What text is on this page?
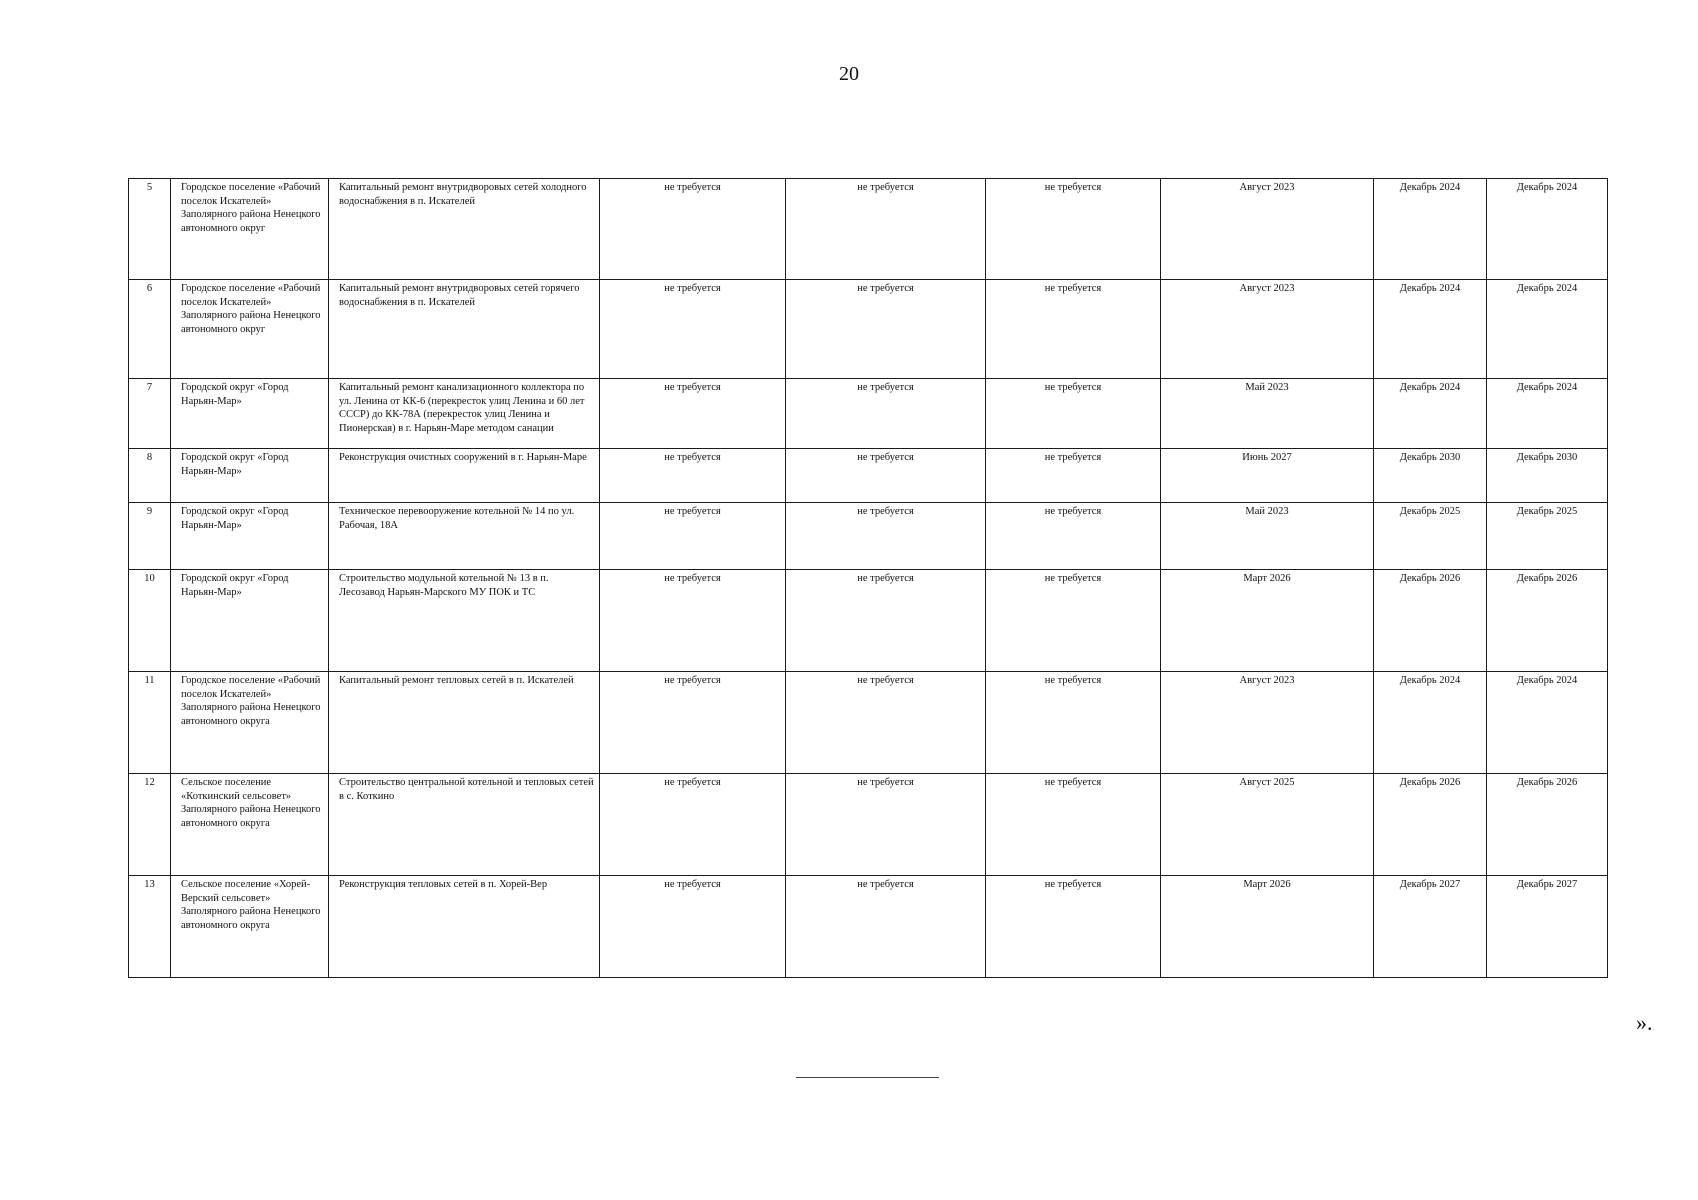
20
5	Городское поселение «Рабочий поселок Искателей» Заполярного района Ненецкого автономного округ	Капитальный ремонт внутридворовых сетей холодного водоснабжения в п. Искателей	не требуется	не требуется	не требуется	Август 2023	Декабрь 2024	Декабрь 2024
6	Городское поселение «Рабочий поселок Искателей» Заполярного района Ненецкого автономного округ	Капитальный ремонт внутридворовых сетей горячего водоснабжения в п. Искателей	не требуется	не требуется	не требуется	Август 2023	Декабрь 2024	Декабрь 2024
7	Городской округ «Город Нарьян-Мар»	Капитальный ремонт канализационного коллектора по ул. Ленина от КК-6 (перекресток улиц Ленина и 60 лет СССР) до КК-78А (перекресток улиц Ленина и Пионерская) в г. Нарьян-Маре методом санации	не требуется	не требуется	не требуется	Май 2023	Декабрь 2024	Декабрь 2024
8	Городской округ «Город Нарьян-Мар»	Реконструкция очистных сооружений в г. Нарьян-Маре	не требуется	не требуется	не требуется	Июнь 2027	Декабрь 2030	Декабрь 2030
9	Городской округ «Город Нарьян-Мар»	Техническое перевооружение котельной № 14 по ул. Рабочая, 18А	не требуется	не требуется	не требуется	Май 2023	Декабрь 2025	Декабрь 2025
10	Городской округ «Город Нарьян-Мар»	Строительство модульной котельной № 13 в п. Лесозавод Нарьян-Марского МУ ПОК и ТС	не требуется	не требуется	не требуется	Март 2026	Декабрь 2026	Декабрь 2026
11	Городское поселение «Рабочий поселок Искателей» Заполярного района Ненецкого автономного округа	Капитальный ремонт тепловых сетей в п. Искателей	не требуется	не требуется	не требуется	Август 2023	Декабрь 2024	Декабрь 2024
12	Сельское поселение «Коткинский сельсовет» Заполярного района Ненецкого автономного округа	Строительство центральной котельной и тепловых сетей в с. Коткино	не требуется	не требуется	не требуется	Август 2025	Декабрь 2026	Декабрь 2026
13	Сельское поселение «Хорей-Верский сельсовет» Заполярного района Ненецкого автономного округа	Реконструкция тепловых сетей в п. Хорей-Вер	не требуется	не требуется	не требуется	Март 2026	Декабрь 2027	Декабрь 2027
».
